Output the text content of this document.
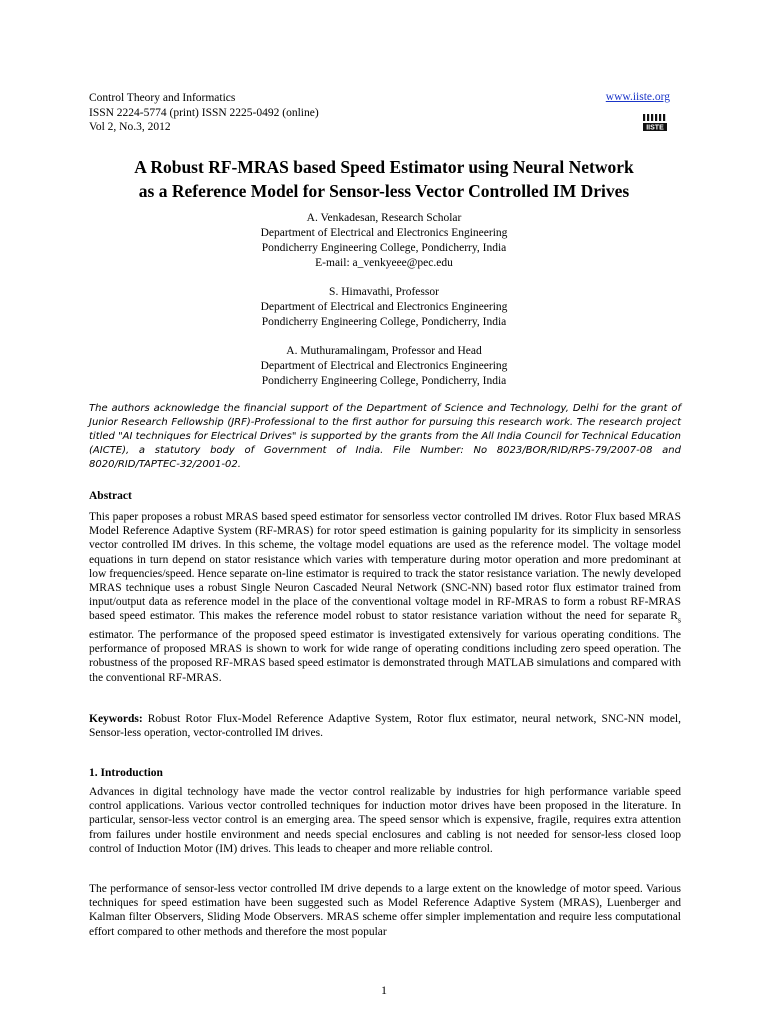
Control Theory and Informatics
ISSN 2224-5774 (print) ISSN 2225-0492 (online)
Vol 2, No.3, 2012
www.iiste.org
IISTE
A Robust RF-MRAS based Speed Estimator using Neural Network
as a Reference Model for Sensor-less Vector Controlled IM Drives
A. Venkadesan, Research Scholar
Department of Electrical and Electronics Engineering
Pondicherry Engineering College, Pondicherry, India
E-mail: a_venkyeee@pec.edu
S. Himavathi, Professor
Department of Electrical and Electronics Engineering
Pondicherry Engineering College, Pondicherry, India
A. Muthuramalingam, Professor and Head
Department of Electrical and Electronics Engineering
Pondicherry Engineering College, Pondicherry, India
The authors acknowledge the financial support of the Department of Science and Technology, Delhi for the grant of Junior Research Fellowship (JRF)-Professional to the first author for pursuing this research work. The research project titled "AI techniques for Electrical Drives" is supported by the grants from the All India Council for Technical Education (AICTE), a statutory body of Government of India. File Number: No 8023/BOR/RID/RPS-79/2007-08 and 8020/RID/TAPTEC-32/2001-02.
Abstract
This paper proposes a robust MRAS based speed estimator for sensorless vector controlled IM drives. Rotor Flux based MRAS Model Reference Adaptive System (RF-MRAS) for rotor speed estimation is gaining popularity for its simplicity in sensorless vector controlled IM drives. In this scheme, the voltage model equations are used as the reference model. The voltage model equations in turn depend on stator resistance which varies with temperature during motor operation and more predominant at low frequencies/speed. Hence separate on-line estimator is required to track the stator resistance variation. The newly developed MRAS technique uses a robust Single Neuron Cascaded Neural Network (SNC-NN) based rotor flux estimator trained from input/output data as reference model in the place of the conventional voltage model in RF-MRAS to form a robust RF-MRAS based speed estimator. This makes the reference model robust to stator resistance variation without the need for separate $R_s$ estimator. The performance of the proposed speed estimator is investigated extensively for various operating conditions. The performance of proposed MRAS is shown to work for wide range of operating conditions including zero speed operation. The robustness of the proposed RF-MRAS based speed estimator is demonstrated through MATLAB simulations and compared with the conventional RF-MRAS.
Keywords: Robust Rotor Flux-Model Reference Adaptive System, Rotor flux estimator, neural network, SNC-NN model, Sensor-less operation, vector-controlled IM drives.
1. Introduction
Advances in digital technology have made the vector control realizable by industries for high performance variable speed control applications. Various vector controlled techniques for induction motor drives have been proposed in the literature. In particular, sensor-less vector control is an emerging area. The speed sensor which is expensive, fragile, requires extra attention from failures under hostile environment and needs special enclosures and cabling is not needed for sensor-less closed loop control of Induction Motor (IM) drives. This leads to cheaper and more reliable control.
The performance of sensor-less vector controlled IM drive depends to a large extent on the knowledge of motor speed. Various techniques for speed estimation have been suggested such as Model Reference Adaptive System (MRAS), Luenberger and Kalman filter Observers, Sliding Mode Observers. MRAS scheme offer simpler implementation and require less computational effort compared to other methods and therefore the most popular
1
